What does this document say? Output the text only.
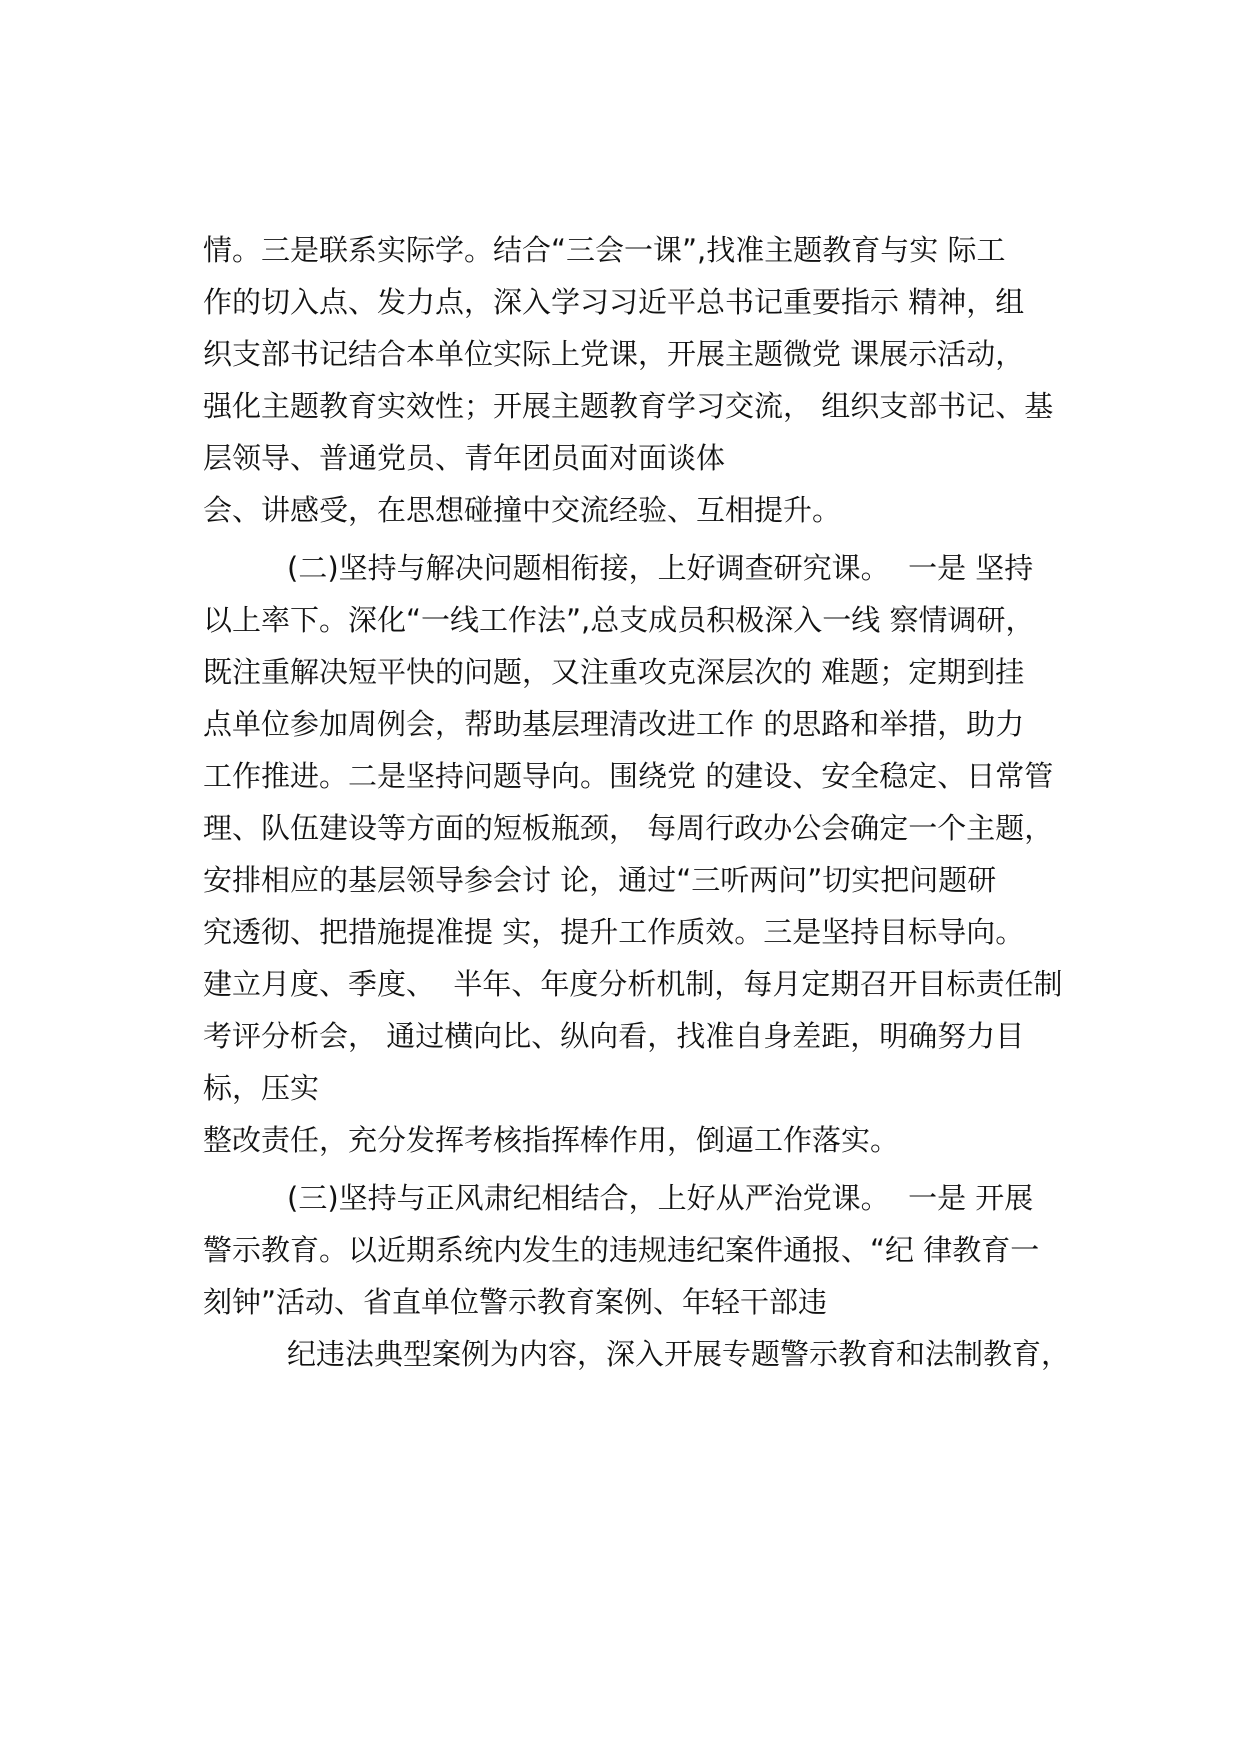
情。三是联系实际学。结合“三会一课”,找准主题教育与实 际工
作的切入点、发力点，深入学习习近平总书记重要指示 精神，组
织支部书记结合本单位实际上党课，开展主题微党 课展示活动，
强化主题教育实效性；开展主题教育学习交流， 组织支部书记、基
层领导、普通党员、青年团员面对面谈体
会、讲感受，在思想碰撞中交流经验、互相提升。
(二)坚持与解决问题相衔接，上好调查研究课。  一是 坚持
以上率下。深化“一线工作法”,总支成员积极深入一线 察情调研，
既注重解决短平快的问题，又注重攻克深层次的 难题；定期到挂
点单位参加周例会，帮助基层理清改进工作 的思路和举措，助力
工作推进。二是坚持问题导向。围绕党 的建设、安全稳定、日常管
理、队伍建设等方面的短板瓶颈， 每周行政办公会确定一个主题，
安排相应的基层领导参会讨 论，通过“三听两问”切实把问题研
究透彻、把措施提准提 实，提升工作质效。三是坚持目标导向。
建立月度、季度、  半年、年度分析机制，每月定期召开目标责任制
考评分析会， 通过横向比、纵向看，找准自身差距，明确努力目
标，压实
整改责任，充分发挥考核指挥棒作用，倒逼工作落实。
(三)坚持与正风肃纪相结合，上好从严治党课。  一是 开展
警示教育。以近期系统内发生的违规违纪案件通报、“纪 律教育一
刻钟”活动、省直单位警示教育案例、年轻干部违
纪违法典型案例为内容，深入开展专题警示教育和法制教育，
